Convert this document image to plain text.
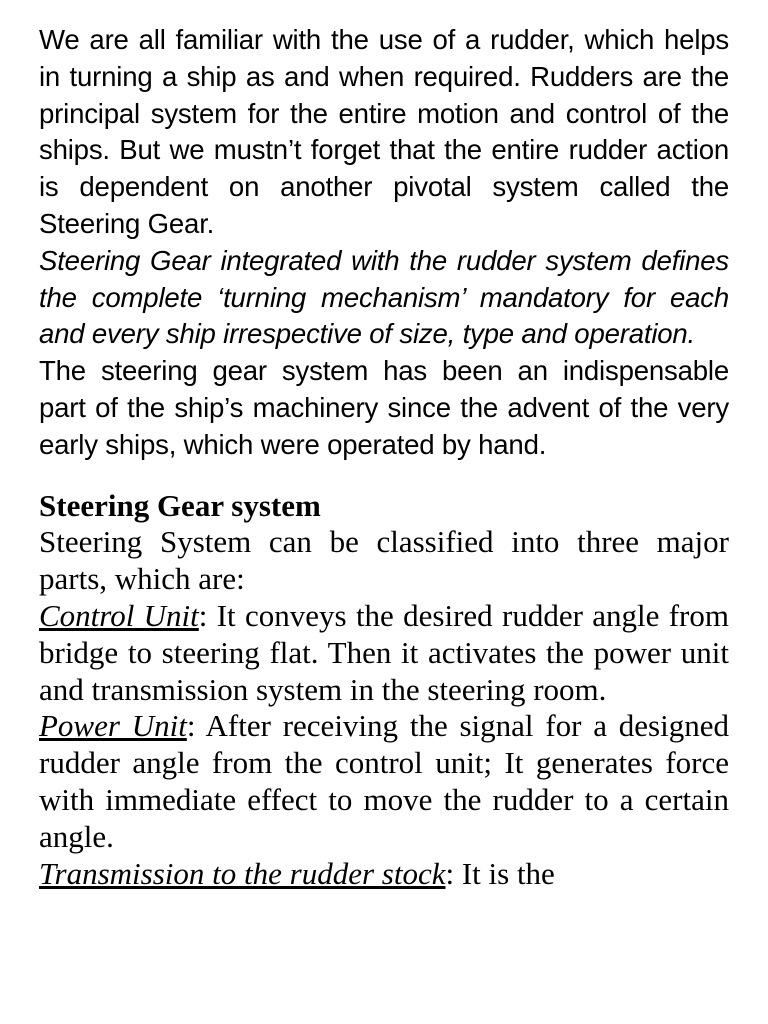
We are all familiar with the use of a rudder, which helps in turning a ship as and when required. Rudders are the principal system for the entire motion and control of the ships. But we mustn’t forget that the entire rudder action is dependent on another pivotal system called the Steering Gear.

Steering Gear integrated with the rudder system defines the complete ‘turning mechanism’ mandatory for each and every ship irrespective of size, type and operation.

The steering gear system has been an indispensable part of the ship’s machinery since the advent of the very early ships, which were operated by hand.

Steering Gear system

Steering System can be classified into three major parts, which are:

Control Unit: It conveys the desired rudder angle from bridge to steering flat. Then it activates the power unit and transmission system in the steering room.

Power Unit: After receiving the signal for a designed rudder angle from the control unit; It generates force with immediate effect to move the rudder to a certain angle.

Transmission to the rudder stock: It is the
